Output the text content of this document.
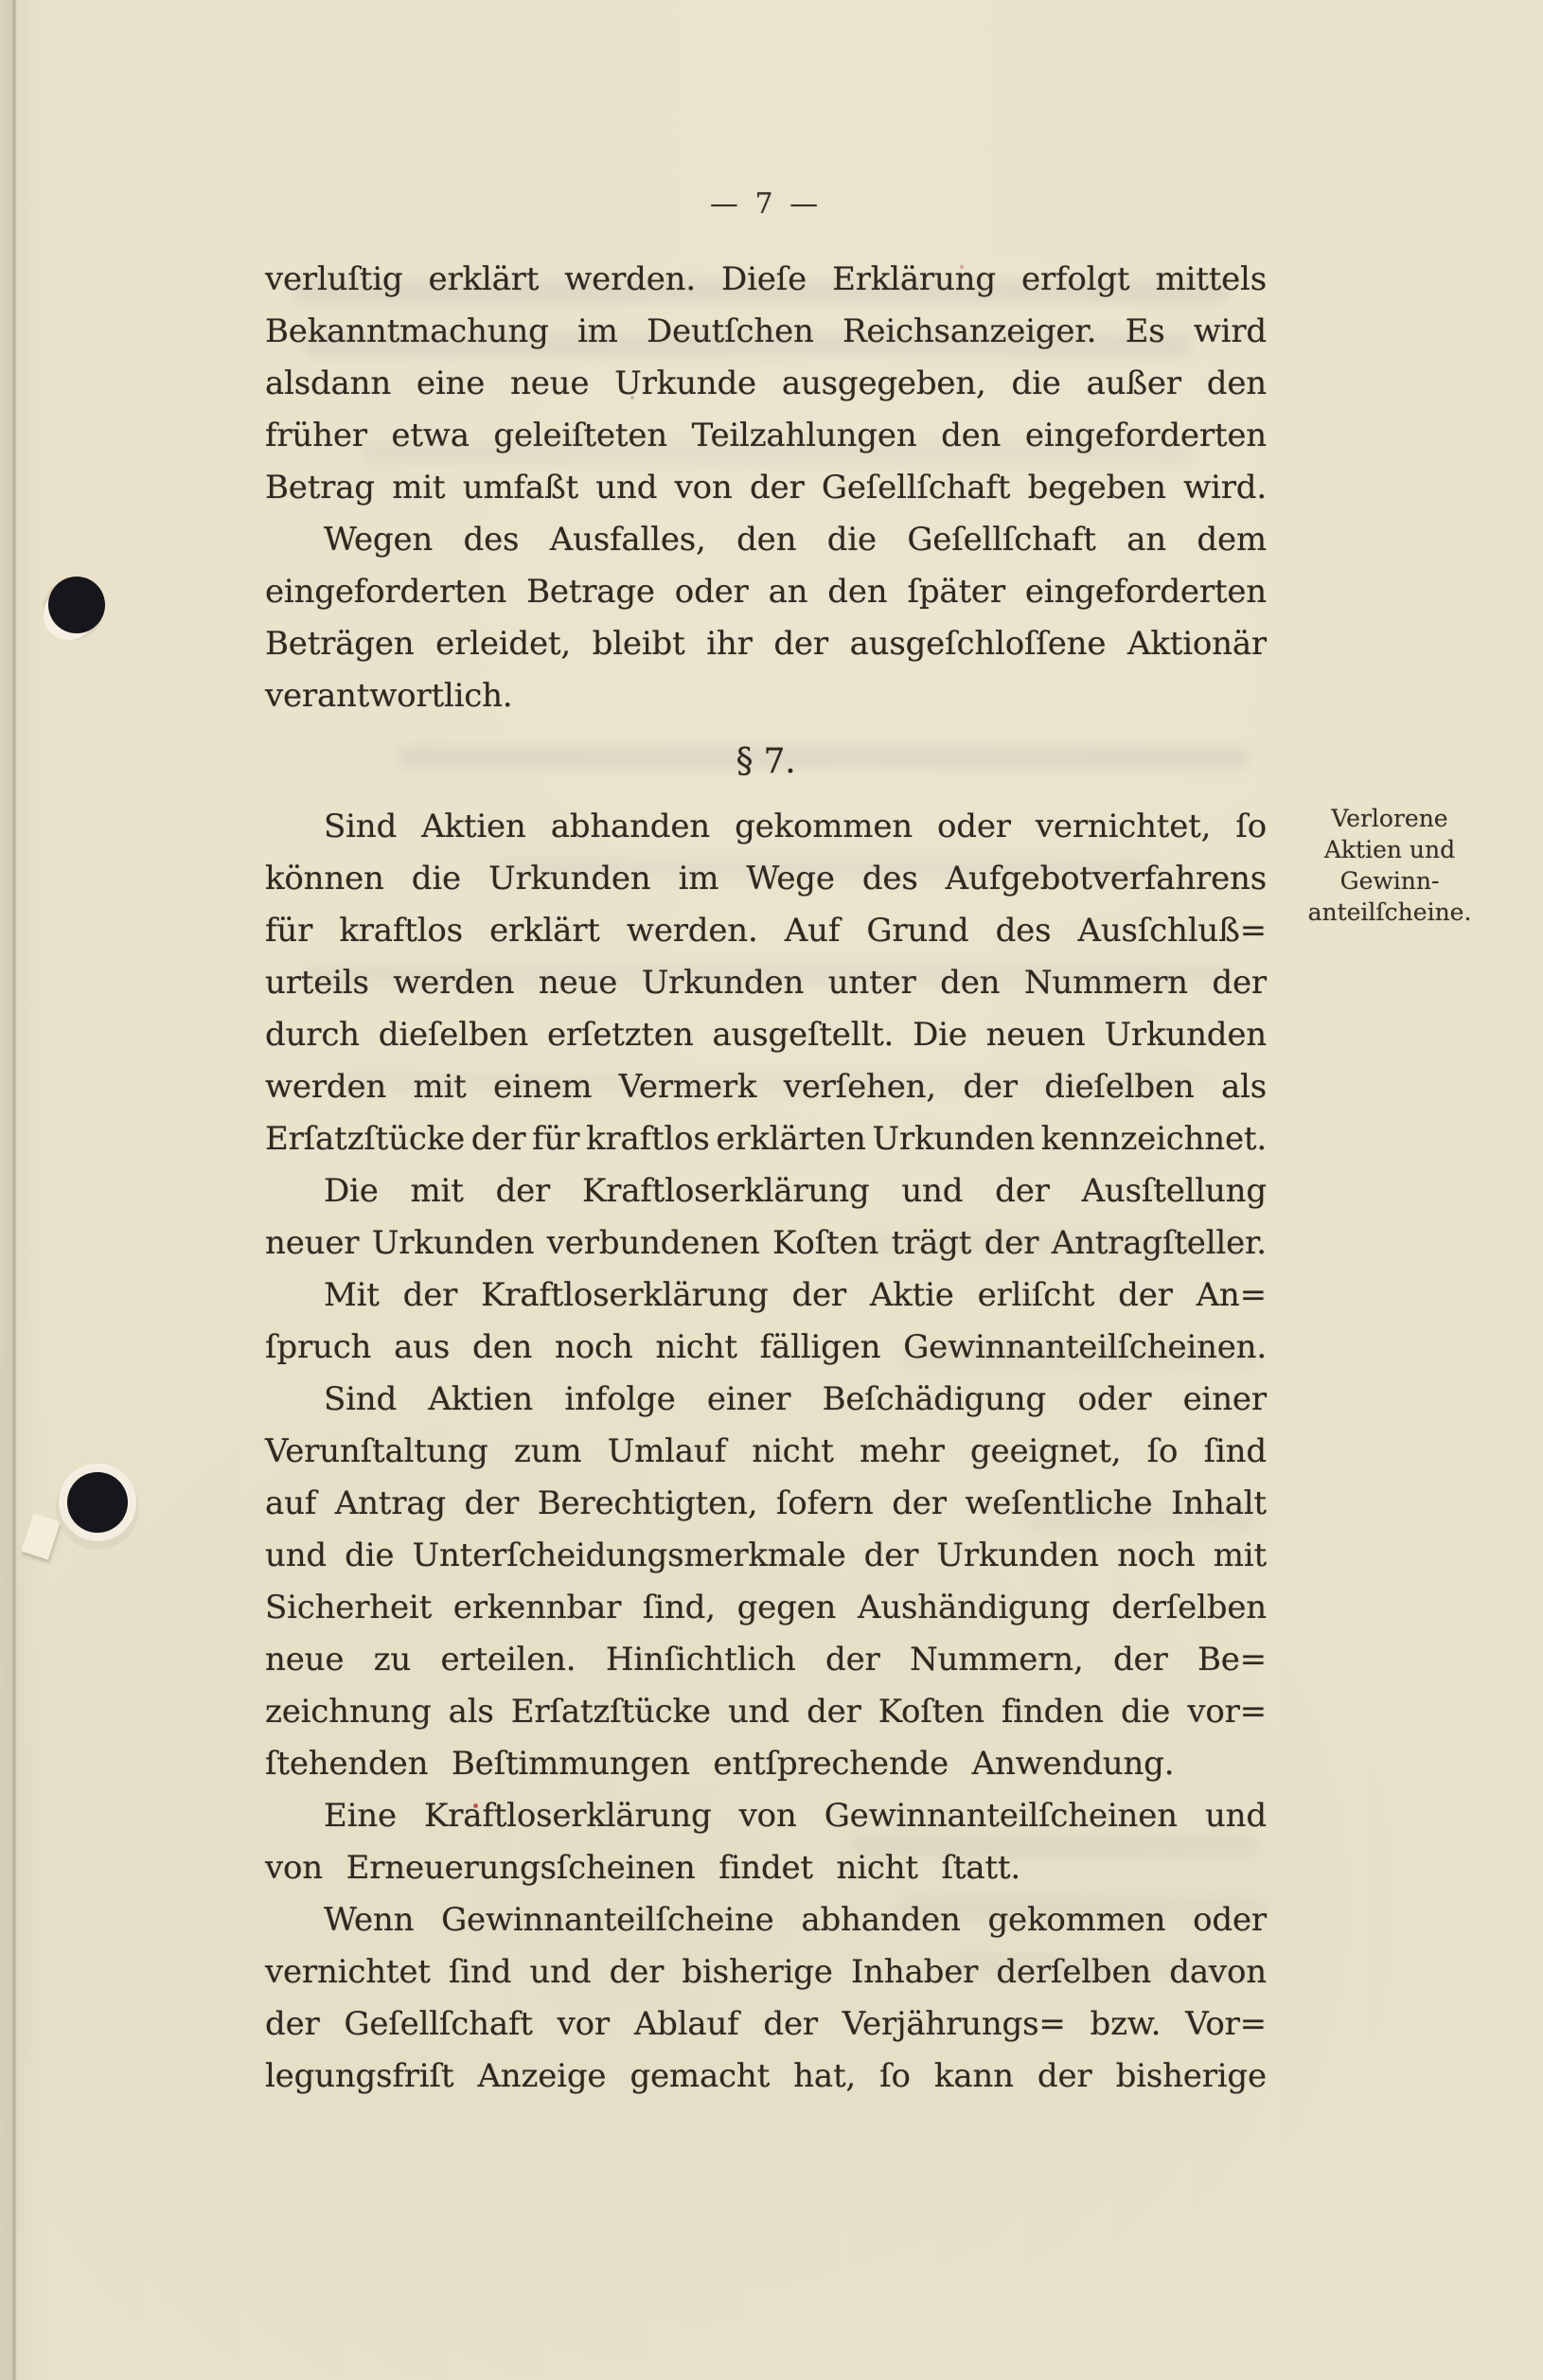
— 7 —
verluſtig erklärt werden. Dieſe Erklärung erfolgt mittels
Bekanntmachung im Deutſchen Reichsanzeiger. Es wird
alsdann eine neue Urkunde ausgegeben, die außer den
früher etwa geleiſteten Teilzahlungen den eingeforderten
Betrag mit umfaßt und von der Geſellſchaft begeben wird.
Wegen des Ausfalles, den die Geſellſchaft an dem
eingeforderten Betrage oder an den ſpäter eingeforderten
Beträgen erleidet, bleibt ihr der ausgeſchloſſene Aktionär
verantwortlich.
§ 7.
Sind Aktien abhanden gekommen oder vernichtet, ſo
können die Urkunden im Wege des Aufgebotverfahrens
für kraftlos erklärt werden. Auf Grund des Ausſchluß=
urteils werden neue Urkunden unter den Nummern der
durch dieſelben erſetzten ausgeſtellt. Die neuen Urkunden
werden mit einem Vermerk verſehen, der dieſelben als
Erſatzſtücke der für kraftlos erklärten Urkunden kennzeichnet.
Die mit der Kraftloserklärung und der Ausſtellung
neuer Urkunden verbundenen Koſten trägt der Antragſteller.
Mit der Kraftloserklärung der Aktie erliſcht der An=
ſpruch aus den noch nicht fälligen Gewinnanteilſcheinen.
Sind Aktien infolge einer Beſchädigung oder einer
Verunſtaltung zum Umlauf nicht mehr geeignet, ſo ſind
auf Antrag der Berechtigten, ſofern der weſentliche Inhalt
und die Unterſcheidungsmerkmale der Urkunden noch mit
Sicherheit erkennbar ſind, gegen Aushändigung derſelben
neue zu erteilen. Hinſichtlich der Nummern, der Be=
zeichnung als Erſatzſtücke und der Koſten finden die vor=
ſtehenden Beſtimmungen entſprechende Anwendung.
Eine Kraftloserklärung von Gewinnanteilſcheinen und
von Erneuerungsſcheinen findet nicht ſtatt.
Wenn Gewinnanteilſcheine abhanden gekommen oder
vernichtet ſind und der bisherige Inhaber derſelben davon
der Geſellſchaft vor Ablauf der Verjährungs= bzw. Vor=
legungsfriſt Anzeige gemacht hat, ſo kann der bisherige
Verlorene
Aktien und
Gewinn-
anteilſcheine.
